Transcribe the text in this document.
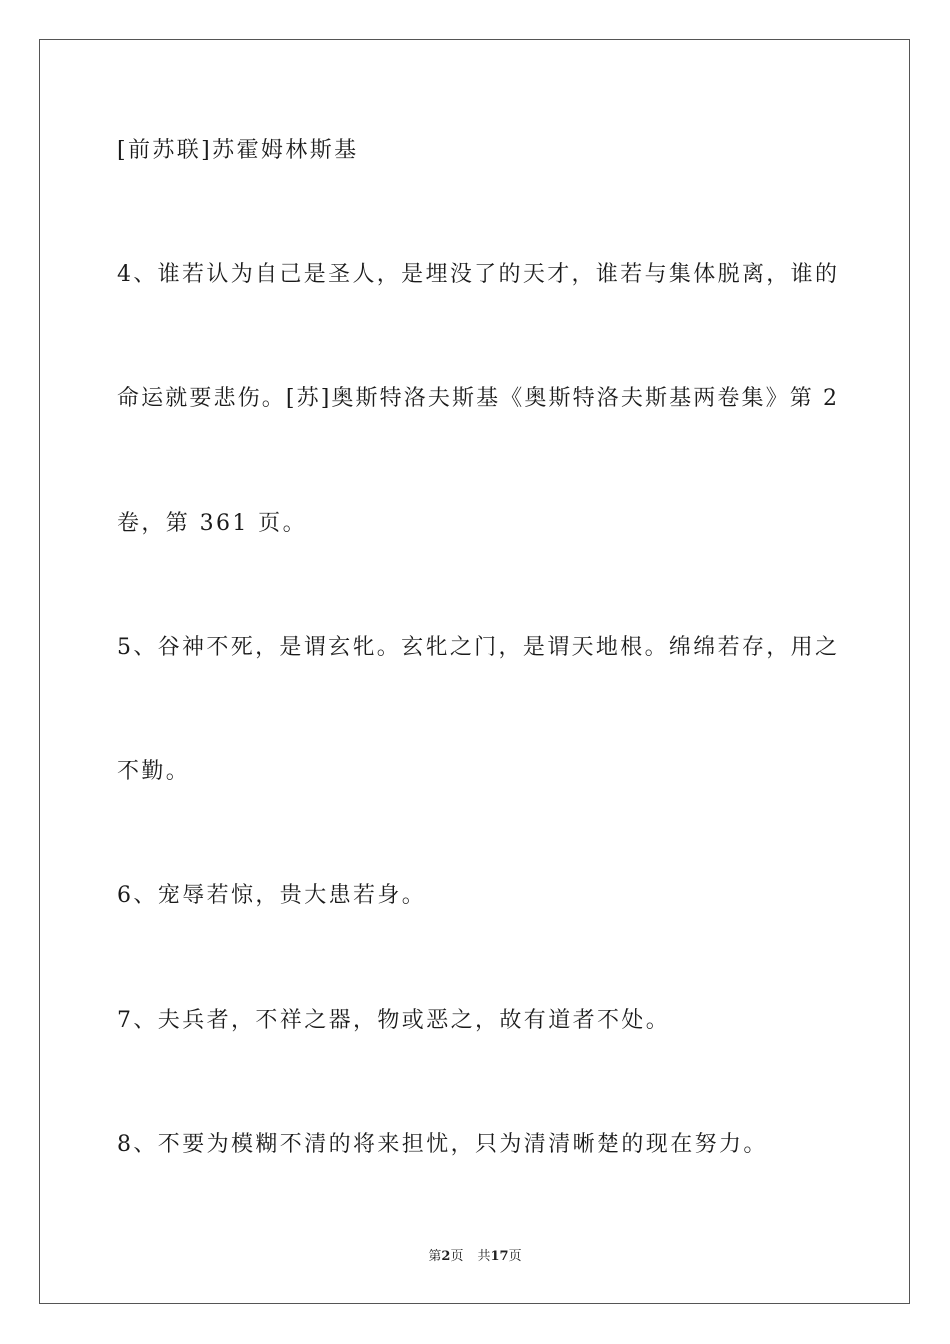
[前苏联]苏霍姆林斯基
4、谁若认为自己是圣人，是埋没了的天才，谁若与集体脱离，谁的
命运就要悲伤。[苏]奥斯特洛夫斯基《奥斯特洛夫斯基两卷集》第 2
卷，第 361 页。
5、谷神不死，是谓玄牝。玄牝之门，是谓天地根。绵绵若存，用之
不勤。
6、宠辱若惊，贵大患若身。
7、夫兵者，不祥之器，物或恶之，故有道者不处。
8、不要为模糊不清的将来担忧，只为清清晰楚的现在努力。
第2页 共17页
